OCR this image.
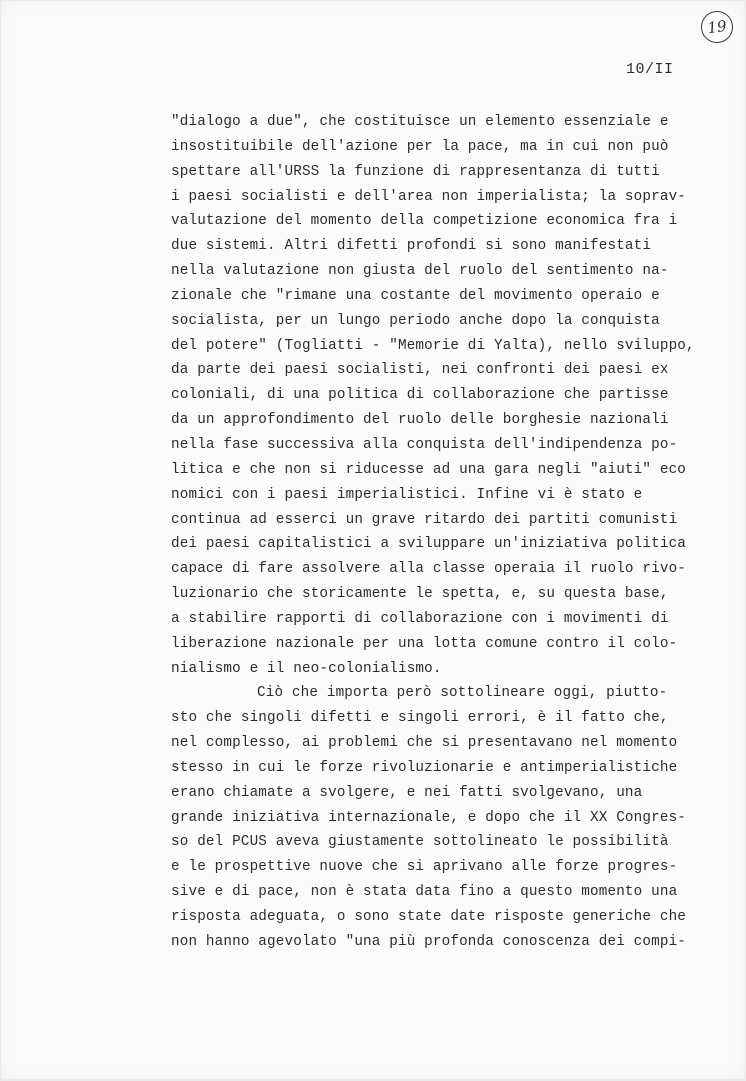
19
10/II
"dialogo a due", che costituisce un elemento essenziale e
insostituibile dell'azione per la pace, ma in cui non può
spettare all'URSS la funzione di rappresentanza di tutti
i paesi socialisti e dell'area non imperialista; la soprav-
valutazione del momento della competizione economica fra i
due sistemi. Altri difetti profondi si sono manifestati
nella valutazione non giusta del ruolo del sentimento na-
zionale che "rimane una costante del movimento operaio e
socialista, per un lungo periodo anche dopo la conquista
del potere" (Togliatti - "Memorie di Yalta), nello sviluppo,
da parte dei paesi socialisti, nei confronti dei paesi ex
coloniali, di una politica di collaborazione che partisse
da un approfondimento del ruolo delle borghesie nazionali
nella fase successiva alla conquista dell'indipendenza po-
litica e che non si riducesse ad una gara negli "aiuti" eco
nomici con i paesi imperialistici. Infine vi è stato e
continua ad esserci un grave ritardo dei partiti comunisti
dei paesi capitalistici a sviluppare un'iniziativa politica
capace di fare assolvere alla classe operaia il ruolo rivo-
luzionario che storicamente le spetta, e, su questa base,
a stabilire rapporti di collaborazione con i movimenti di
liberazione nazionale per una lotta comune contro il colo-
nialismo e il neo-colonialismo.
Ciò che importa però sottolineare oggi, piutto-
sto che singoli difetti e singoli errori, è il fatto che,
nel complesso, ai problemi che si presentavano nel momento
stesso in cui le forze rivoluzionarie e antimperialistiche
erano chiamate a svolgere, e nei fatti svolgevano, una
grande iniziativa internazionale, e dopo che il XX Congres-
so del PCUS aveva giustamente sottolineato le possibilità
e le prospettive nuove che si aprivano alle forze progres-
sive e di pace, non è stata data fino a questo momento una
risposta adeguata, o sono state date risposte generiche che
non hanno agevolato "una più profonda conoscenza dei compi-
